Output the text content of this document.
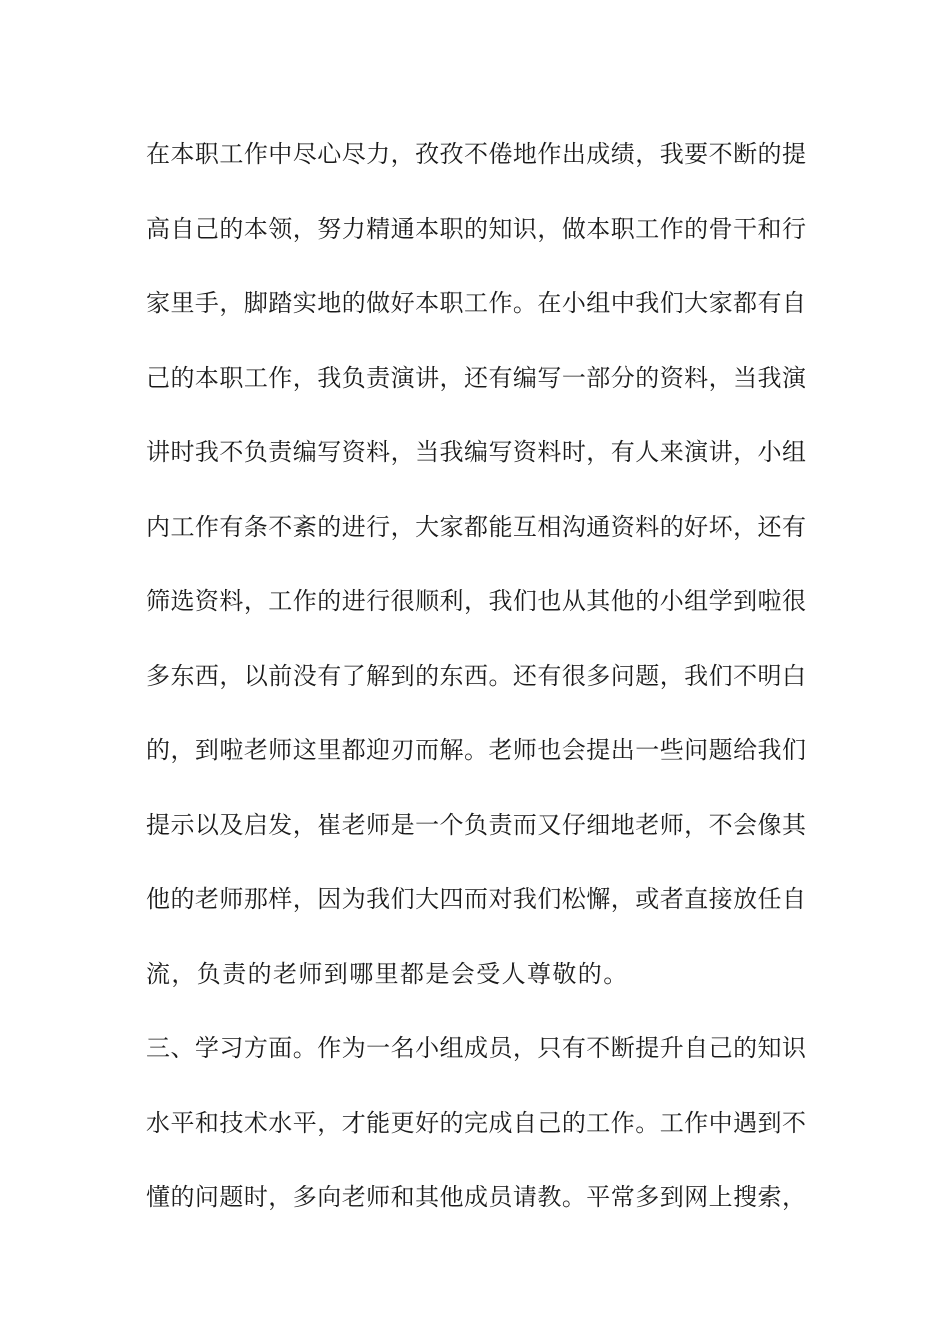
在本职工作中尽心尽力，孜孜不倦地作出成绩，我要不断的提
高自己的本领，努力精通本职的知识，做本职工作的骨干和行
家里手，脚踏实地的做好本职工作。在小组中我们大家都有自
己的本职工作，我负责演讲，还有编写一部分的资料，当我演
讲时我不负责编写资料，当我编写资料时，有人来演讲，小组
内工作有条不紊的进行，大家都能互相沟通资料的好坏，还有
筛选资料，工作的进行很顺利，我们也从其他的小组学到啦很
多东西，以前没有了解到的东西。还有很多问题，我们不明白
的，到啦老师这里都迎刃而解。老师也会提出一些问题给我们
提示以及启发，崔老师是一个负责而又仔细地老师，不会像其
他的老师那样，因为我们大四而对我们松懈，或者直接放任自
流，负责的老师到哪里都是会受人尊敬的。
三、学习方面。作为一名小组成员，只有不断提升自己的知识
水平和技术水平，才能更好的完成自己的工作。工作中遇到不
懂的问题时，多向老师和其他成员请教。平常多到网上搜索，
